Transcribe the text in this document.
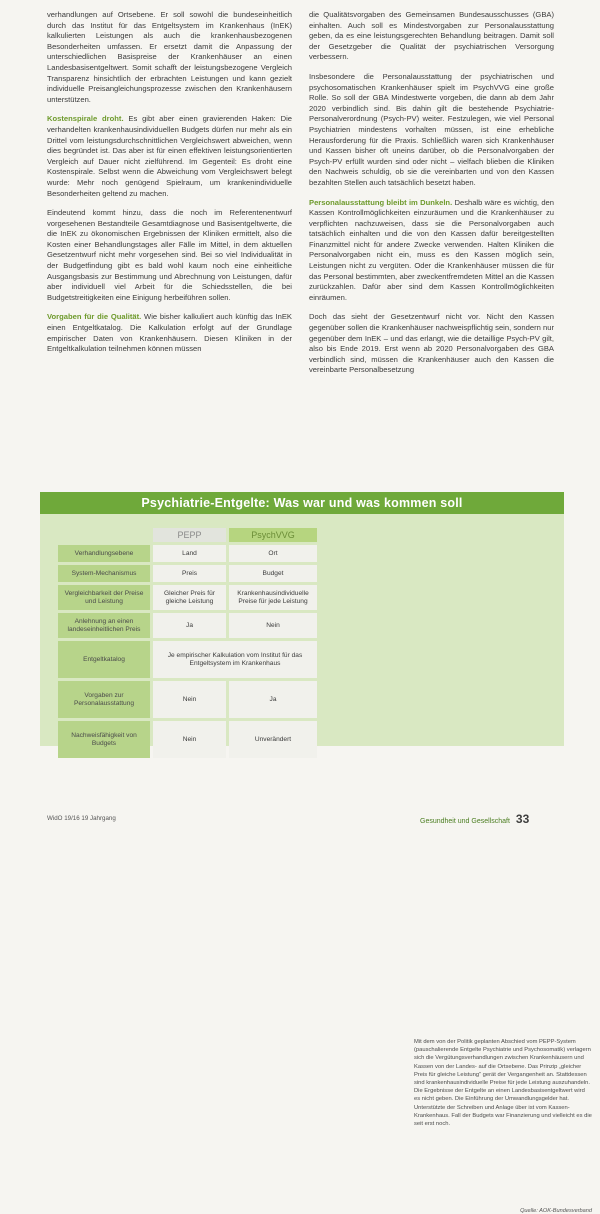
verhandlungen auf Ortsebene. Er soll sowohl die bundeseinheitlich durch das Institut für das Entgeltsystem im Krankenhaus (InEK) kalkulierten Leistungen als auch die krankenhausbezogenen Besonderheiten umfassen. Er ersetzt damit die Anpassung der unterschiedlichen Basispreise der Krankenhäuser an einen Landesbasisentgeltwert. Somit schafft der leistungsbezogene Vergleich Transparenz hinsichtlich der erbrachten Leistungen und kann gezielt individuelle Preisangleichungsprozesse zwischen den Krankenhäusern unterstützen.

Kostenspirale droht. Es gibt aber einen gravierenden Haken: Die verhandelten krankenhausindividuellen Budgets dürfen nur mehr als ein Drittel vom leistungsdurchschnittlichen Vergleichswert abweichen, wenn dies begründet ist. Das aber ist für einen effektiven leistungsorientierten Vergleich auf Dauer nicht zielführend. Im Gegenteil: Es droht eine Kostenspirale. Selbst wenn die Abweichung vom Vergleichswert belegt wurde: Mehr noch genügend Spielraum, um krankenindividuelle Besonderheiten geltend zu machen.

Eindeutend kommt hinzu, dass die noch im Referentenentwurf vorgesehenen Bestandteile Gesamtdiagnose und Basisentgeltwerte, die die InEK zu ökonomischen Ergebnissen der Kliniken ermittelt, also die Kosten einer Behandlungstages aller Fälle im Mittel, in dem aktuellen Gesetzentwurf nicht mehr vorgesehen sind. Bei so viel Individualität in der Budgetfindung gibt es bald wohl kaum noch eine einheitliche Ausgangsbasis zur Bestimmung und Abrechnung von Leistungen, dafür aber individuell viel Arbeit für die Schiedsstellen, die bei Budgetstreitigkeiten eine Einigung herbeiführen sollen.

Vorgaben für die Qualität. Wie bisher kalkuliert auch künftig das InEK einen Entgeltkatalog. Die Kalkulation erfolgt auf der Grundlage empirischer Daten von Krankenhäusern. Diesen Kliniken in der Entgeltkalkulation teilnehmen können müssen

die Qualitätsvorgaben des Gemeinsamen Bundesausschusses (GBA) einhalten. Auch soll es Mindestvorgaben zur Personalausstattung geben, da es eine leistungsgerechten Behandlung beitragen. Damit soll der Gesetzgeber die Qualität der psychiatrischen Versorgung verbessern.

Insbesondere die Personalausstattung der psychiatrischen und psychosomatischen Krankenhäuser spielt im PsychVVG eine große Rolle. So soll der GBA Mindestwerte vorgeben, die dann ab dem Jahr 2020 verbindlich sind. Bis dahin gilt die bestehende Psychiatrie-Personalverordnung (Psych-PV) weiter. Festzulegen, wie viel Personal Psychiatrien mindestens vorhalten müssen, ist eine erhebliche Herausforderung für die Praxis. Schließlich waren sich Krankenhäuser und Kassen bisher oft uneins darüber, ob die Personalvorgaben der Psych-PV erfüllt wurden sind oder nicht – vielfach blieben die Kliniken den Nachweis schuldig, ob sie die vereinbarten und von den Kassen bezahlten Stellen auch tatsächlich besetzt haben.

Personalausstattung bleibt im Dunkeln. Deshalb wäre es wichtig, den Kassen Kontrollmöglichkeiten einzuräumen und die Krankenhäuser zu verpflichten nachzuweisen, dass sie die Personalvorgaben auch tatsächlich einhalten und die von den Kassen dafür bereitgestellten Finanzmittel nicht für andere Zwecke verwenden. Halten Kliniken die Personalvorgaben nicht ein, muss es den Kassen möglich sein, Leistungen nicht zu vergüten. Oder die Krankenhäuser müssen die für das Personal bestimmten, aber zweckentfremdeten Mittel an die Kassen zurückzahlen. Dafür aber sind dem Kassen Kontrollmöglichkeiten einräumen.

Doch das sieht der Gesetzentwurf nicht vor. Nicht den Kassen gegenüber sollen die Krankenhäuser nachweispflichtig sein, sondern nur gegenüber dem InEK – und das erlangt, wie die detaillige Psych-PV gilt, also bis Ende 2019. Erst wenn ab 2020 Personalvorgaben des GBA verbindlich sind, müssen die Krankenhäuser auch den Kassen die vereinbarte Personalbesetzung

Psychiatrie-Entgelte: Was war und was kommen soll
	PEPP	PsychVVG
Verhandlungsebene	Land	Ort
System-Mechanismus	Preis	Budget
Vergleichbarkeit der Preise und Leistung	Gleicher Preis für gleiche Leistung	Krankenhausindividuelle Preise für jede Leistung
Anlehnung an einen landeseinheitlichen Preis	Ja	Nein
Entgeltkatalog	Je empirischer Kalkulation vom Institut für das Entgeltsystem im Krankenhaus	
Vorgaben zur Personalausstattung	Nein	Ja
Nachweisfähigkeit von Budgets	Nein	Unverändert
Mit dem von der Politik geplanten Abschied vom PEPP-System (pauschalierende Entgelte Psychiatrie und Psychosomatik) verlagern sich die Vergütungsverhandlungen zwischen Krankenhäusern und Kassen von der Landes- auf die Ortsebene. Das Prinzip „gleicher Preis für gleiche Leistung“ gerät der Vergangenheit an. Stattdessen sind krankenhausindividuelle Preise für jede Leistung auszuhandeln. Die Ergebnisse der Entgelte an einen Landesbasisentgeltwert wird es nicht geben. Die Einführung der Umwandlungsgelder hat. Unterstützte der Schreiben und Anlage über ist vom Kassen-Krankenhaus. Fall der Budgets war Finanzierung und vielleicht es die seit erst noch.
Quelle: AOK-Bundesverband
WidO 19/16 19 Jahrgang	Gesundheit und Gesellschaft 33
